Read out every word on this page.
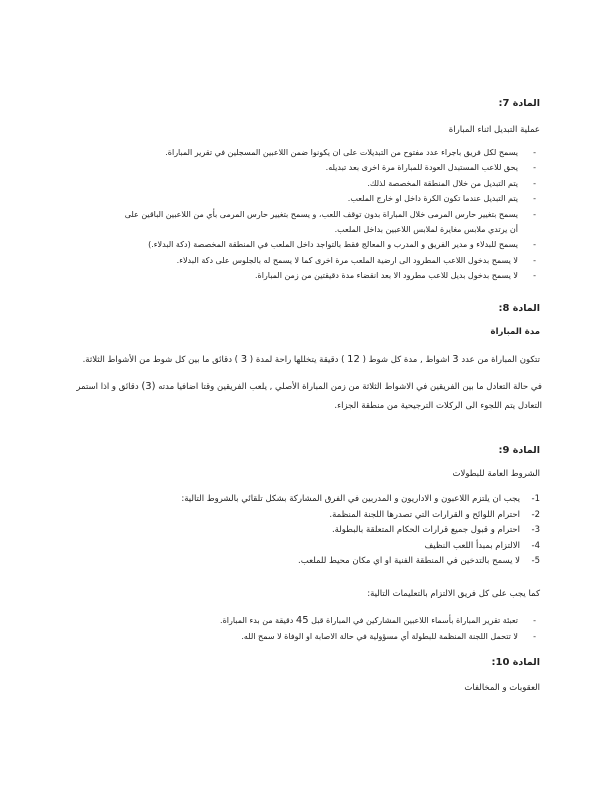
المادة 7:
عملية التبديل اثناء المباراة
- يسمح لكل فريق باجراء عدد مفتوح من التبديلات على ان يكونوا ضمن اللاعبين المسجلين في تقرير المباراة.
- يحق للاعب المستبدل العودة للمباراة مرة اخرى بعد تبديله.
- يتم التبديل من خلال المنطقة المخصصة لذلك.
- يتم التبديل عندما تكون الكرة داخل او خارج الملعب.
- يسمح بتغيير حارس المرمى خلال المباراة بدون توقف اللعب، و يسمح بتغيير حارس المرمى بأي من اللاعبين الباقين على
أن يرتدي ملابس مغايرة لملابس اللاعبين بداخل الملعب.
- يسمح للبدلاء و مدير الفريق و المدرب و المعالج فقط بالتواجد داخل الملعب في المنطقة المخصصة (دكة البدلاء.)
- لا يسمح بدخول اللاعب المطرود الى ارضية الملعب مرة اخرى كما لا يسمح له بالجلوس على دكة البدلاء.
- لا يسمح بدخول بديل للاعب مطرود الا بعد انقضاء مدة دقيقتين من زمن المباراة.
المادة 8:
مدة المباراة
تتكون المباراة من عدد 3 اشواط , مدة كل شوط ( 12 ) دقيقة يتخللها راحة لمدة ( 3 ) دقائق ما بين كل شوط من الأشواط الثلاثة.
في حالة التعادل ما بين الفريقين في الاشواط الثلاثة من زمن المباراة الأصلي , يلعب الفريقين وقتا اضافيا مدته (3) دقائق و اذا استمر
التعادل يتم اللجوء الى الركلات الترجيحية من منطقة الجزاء.
المادة 9:
الشروط العامة للبطولات
-1
يجب ان يلتزم اللاعبون و الاداريون و المدربين في الفرق المشاركة بشكل تلقائي بالشروط التالية:
-2
احترام اللوائح و القرارات التي تصدرها اللجنة المنظمة.
-3
احترام و قبول جميع قرارات الحكام المتعلقة بالبطولة.
-4
الالتزام بمبدأ اللعب النظيف
-5
لا يسمح بالتدخين في المنطقة الفنية او اي مكان محيط للملعب.
كما يجب على كل فريق الالتزام بالتعليمات التالية:
- تعبئة تقرير المباراة بأسماء اللاعبين المشاركين في المباراة قبل 45 دقيقة من بدء المباراة.
- لا تتحمل اللجنة المنظمة للبطولة أي مسؤولية في حالة الاصابة او الوفاة لا سمح الله.
المادة 10:
العقوبات و المخالفات
